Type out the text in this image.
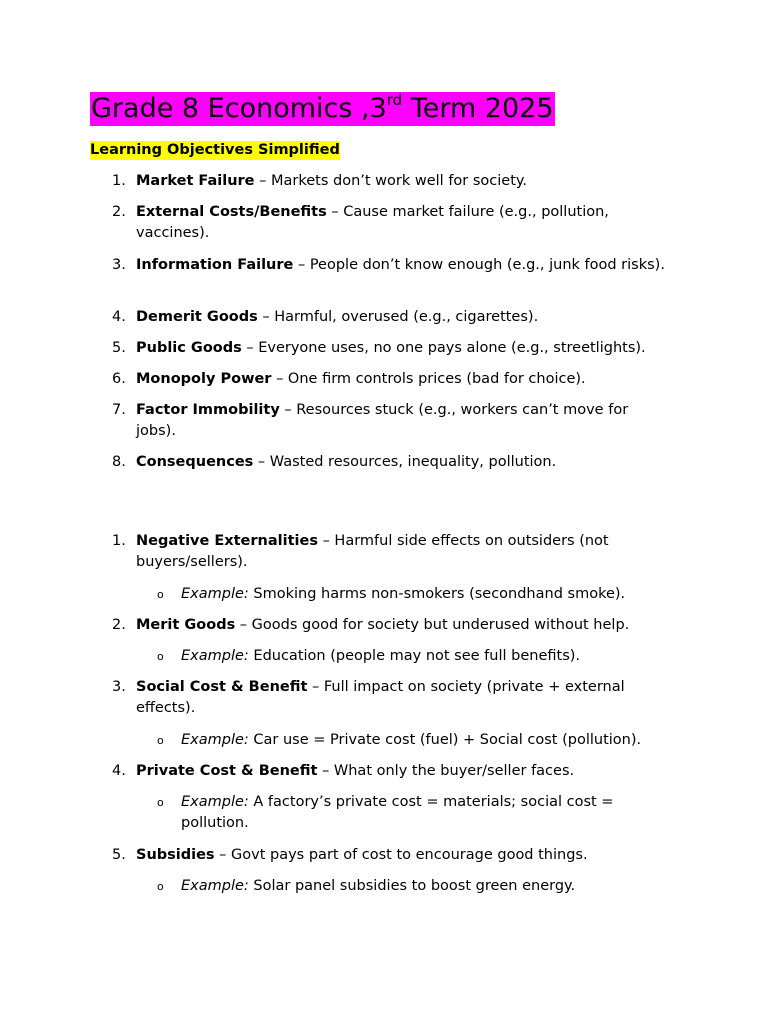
Grade 8 Economics ,3rd Term 2025
Learning Objectives Simplified
1. Market Failure – Markets don’t work well for society.
2. External Costs/Benefits – Cause market failure (e.g., pollution, vaccines).
3. Information Failure – People don’t know enough (e.g., junk food risks).
4. Demerit Goods – Harmful, overused (e.g., cigarettes).
5. Public Goods – Everyone uses, no one pays alone (e.g., streetlights).
6. Monopoly Power – One firm controls prices (bad for choice).
7. Factor Immobility – Resources stuck (e.g., workers can’t move for jobs).
8. Consequences – Wasted resources, inequality, pollution.
1. Negative Externalities – Harmful side effects on outsiders (not buyers/sellers).
o Example: Smoking harms non-smokers (secondhand smoke).
2. Merit Goods – Goods good for society but underused without help.
o Example: Education (people may not see full benefits).
3. Social Cost & Benefit – Full impact on society (private + external effects).
o Example: Car use = Private cost (fuel) + Social cost (pollution).
4. Private Cost & Benefit – What only the buyer/seller faces.
o Example: A factory’s private cost = materials; social cost = pollution.
5. Subsidies – Govt pays part of cost to encourage good things.
o Example: Solar panel subsidies to boost green energy.
